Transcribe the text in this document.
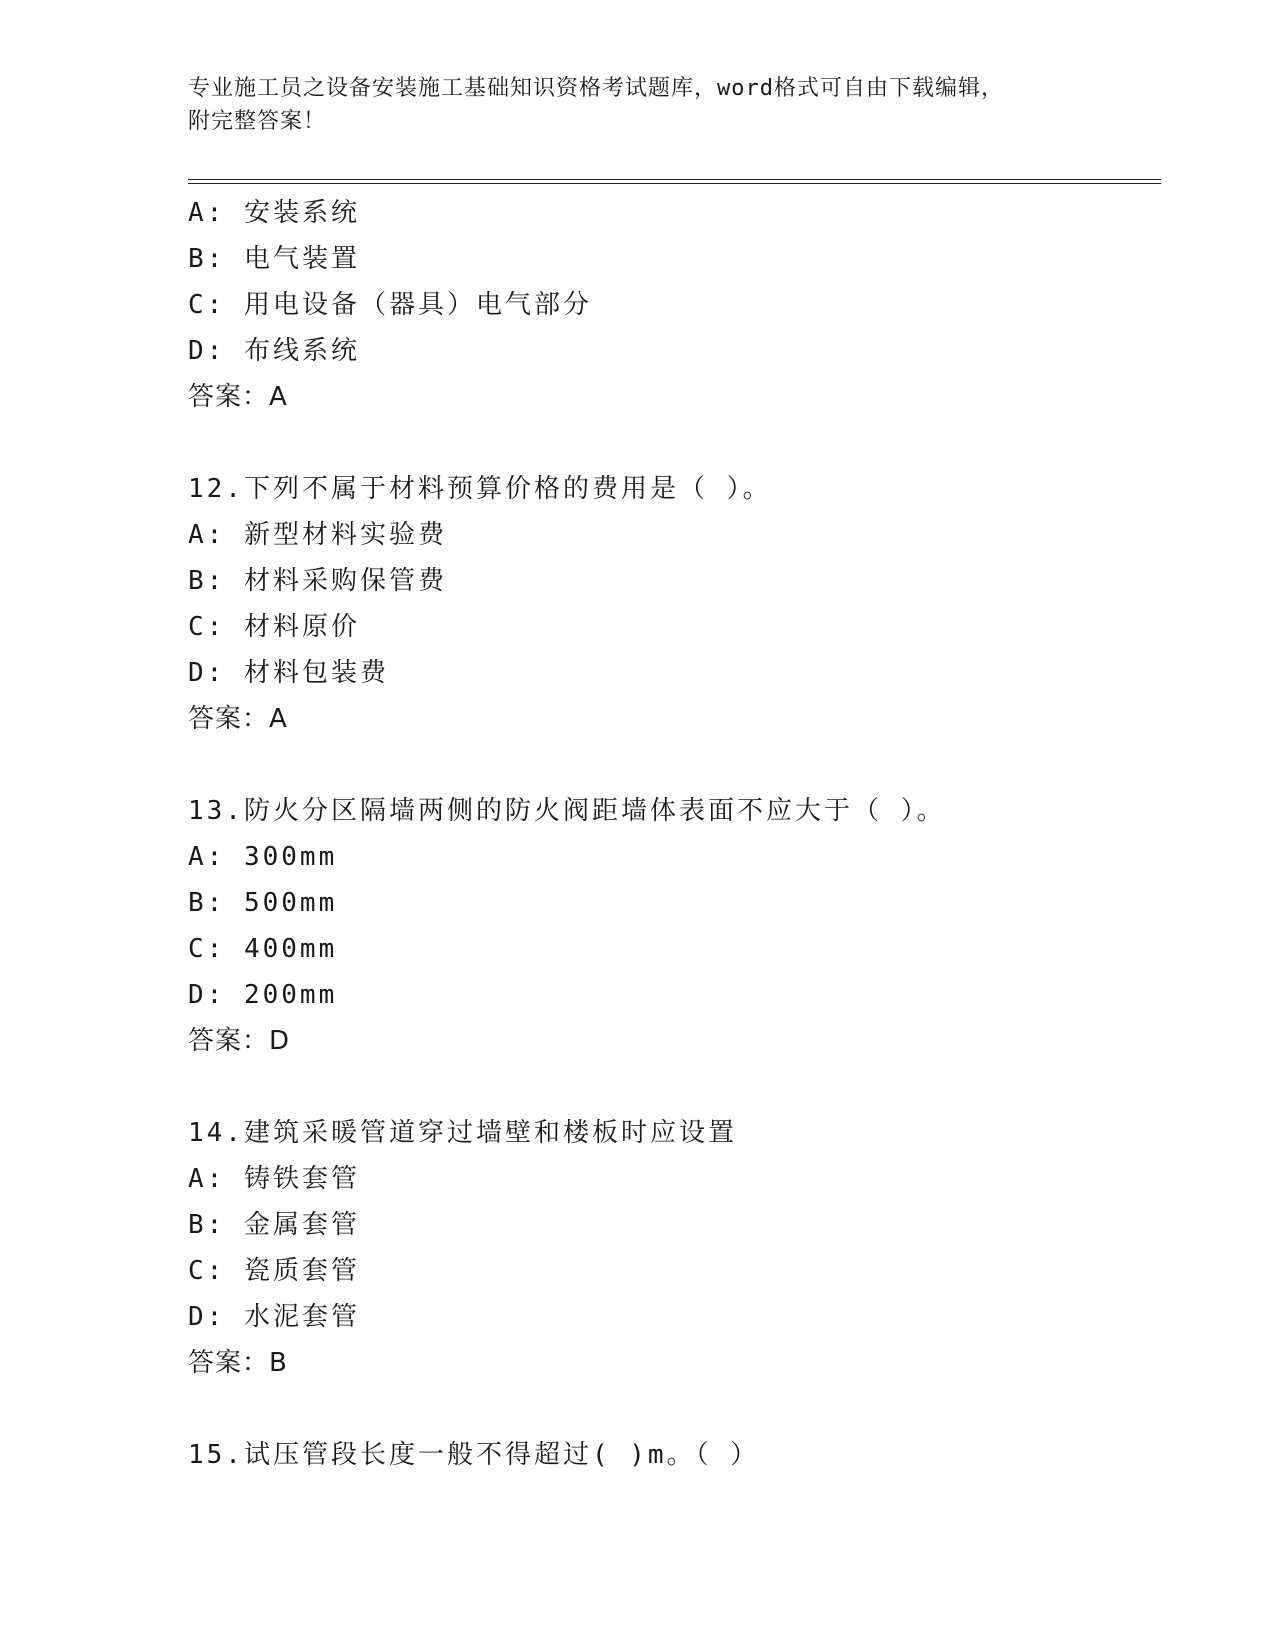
专业施工员之设备安装施工基础知识资格考试题库，word格式可自由下载编辑，
附完整答案！
A: 安装系统
B: 电气装置
C: 用电设备（器具）电气部分
D: 布线系统
答案：A
12.下列不属于材料预算价格的费用是（ ）。
A: 新型材料实验费
B: 材料采购保管费
C: 材料原价
D: 材料包装费
答案：A
13.防火分区隔墙两侧的防火阀距墙体表面不应大于（ ）。
A: 300mm
B: 500mm
C: 400mm
D: 200mm
答案：D
14.建筑采暖管道穿过墙壁和楼板时应设置
A: 铸铁套管
B: 金属套管
C: 瓷质套管
D: 水泥套管
答案：B
15.试压管段长度一般不得超过( )m。（ ）
